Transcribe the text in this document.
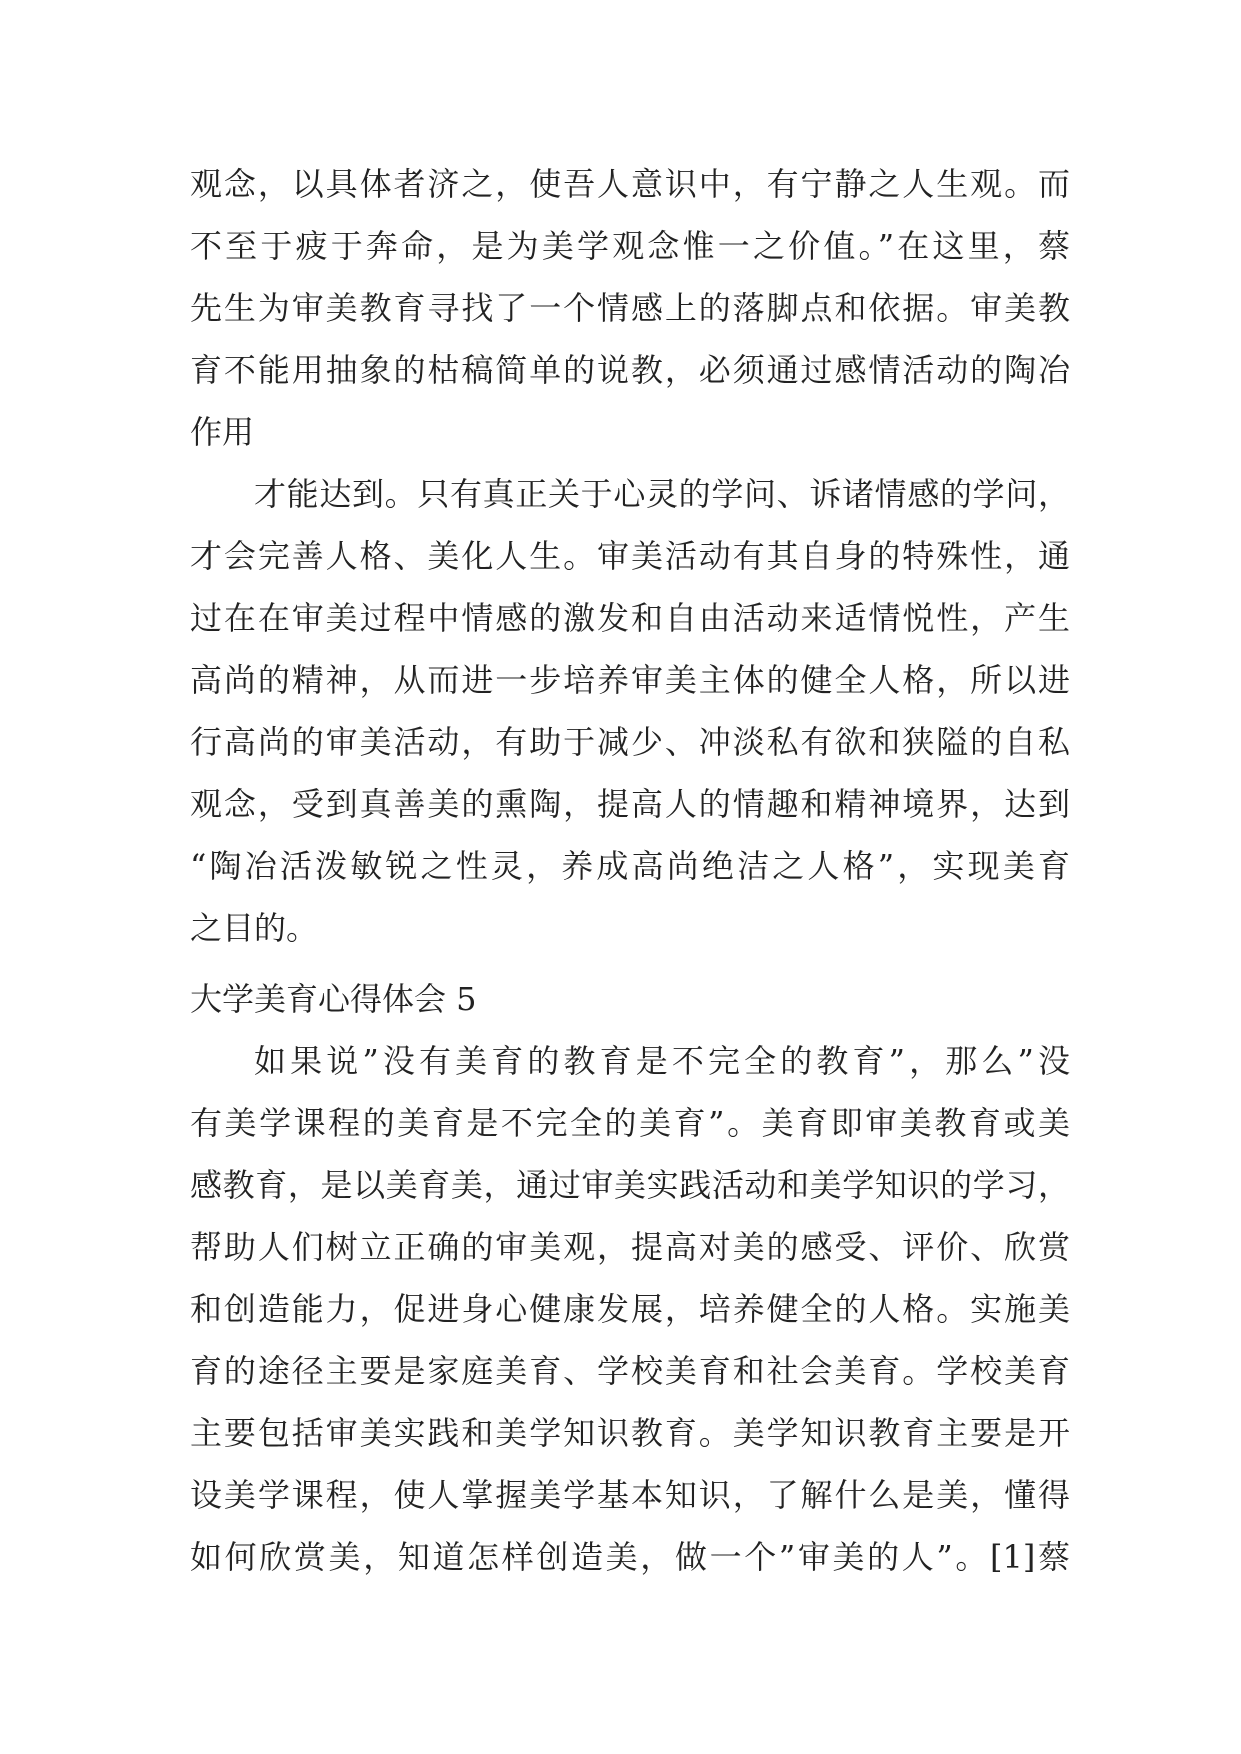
观念，以具体者济之，使吾人意识中，有宁静之人生观。而
不至于疲于奔命，是为美学观念惟一之价值。”在这里，蔡
先生为审美教育寻找了一个情感上的落脚点和依据。审美教
育不能用抽象的枯稿简单的说教，必须通过感情活动的陶冶
作用
才能达到。只有真正关于心灵的学问、诉诸情感的学问，
才会完善人格、美化人生。审美活动有其自身的特殊性，通
过在在审美过程中情感的激发和自由活动来适情悦性，产生
高尚的精神，从而进一步培养审美主体的健全人格，所以进
行高尚的审美活动，有助于减少、冲淡私有欲和狭隘的自私
观念，受到真善美的熏陶，提高人的情趣和精神境界，达到
“陶冶活泼敏锐之性灵，养成高尚绝洁之人格”，实现美育
之目的。
大学美育心得体会 5
如果说”没有美育的教育是不完全的教育”，那么”没
有美学课程的美育是不完全的美育”。美育即审美教育或美
感教育，是以美育美，通过审美实践活动和美学知识的学习，
帮助人们树立正确的审美观，提高对美的感受、评价、欣赏
和创造能力，促进身心健康发展，培养健全的人格。实施美
育的途径主要是家庭美育、学校美育和社会美育。学校美育
主要包括审美实践和美学知识教育。美学知识教育主要是开
设美学课程，使人掌握美学基本知识，了解什么是美，懂得
如何欣赏美，知道怎样创造美，做一个”审美的人”。[1]蔡
